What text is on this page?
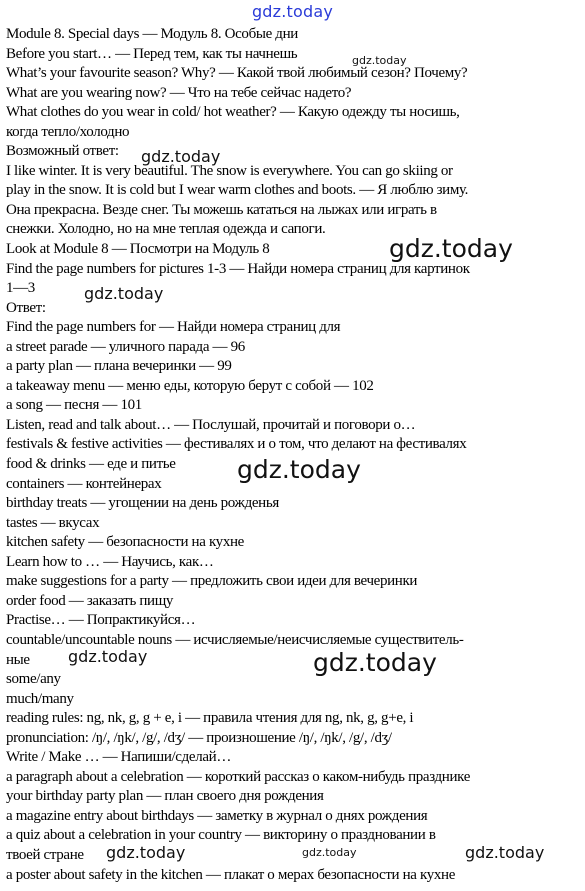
gdz.today
Module 8. Special days — Модуль 8. Особые дни
Before you start… — Перед тем, как ты начнешь
What’s your favourite season? Why? — Какой твой любимый сезон? Почему?
What are you wearing now? — Что на тебе сейчас надето?
What clothes do you wear in cold/ hot weather? — Какую одежду ты носишь,
когда тепло/холодно
Возможный ответ:
I like winter. It is very beautiful. The snow is everywhere. You can go skiing or
play in the snow. It is cold but I wear warm clothes and boots. — Я люблю зиму.
Она прекрасна. Везде снег. Ты можешь кататься на лыжах или играть в
снежки. Холодно, но на мне теплая одежда и сапоги.
Look at Module 8 — Посмотри на Модуль 8
Find the page numbers for pictures 1-3 — Найди номера страниц для картинок
1—3
Ответ:
Find the page numbers for — Найди номера страниц для
a street parade — уличного парада — 96
a party plan — плана вечеринки — 99
a takeaway menu — меню еды, которую берут с собой — 102
a song — песня — 101
Listen, read and talk about… — Послушай, прочитай и поговори о…
festivals & festive activities — фестивалях и о том, что делают на фестивалях
food & drinks — еде и питье
containers — контейнерах
birthday treats — угощении на день рожденья
tastes — вкусах
kitchen safety — безопасности на кухне
Learn how to … — Научись, как…
make suggestions for a party — предложить свои идеи для вечеринки
order food — заказать пищу
Practise… — Попрактикуйся…
countable/uncountable nouns — исчисляемые/неисчисляемые существитель-
ные
some/any
much/many
reading rules: ng, nk, g, g + e, i — правила чтения для ng, nk, g, g+e, i
pronunciation: /ŋ/, /ŋk/, /g/, /dʒ/ — произношение /ŋ/, /ŋk/, /g/, /dʒ/
Write / Make … — Напиши/сделай…
a paragraph about a celebration — короткий рассказ о каком-нибудь празднике
your birthday party plan — план своего дня рождения
a magazine entry about birthdays — заметку в журнал о днях рождения
a quiz about a celebration in your country — викторину о праздновании в
твоей стране
a poster about safety in the kitchen — плакат о мерах безопасности на кухне
gdz.today
gdz.today
gdz.today
gdz.today
gdz.today
gdz.today	gdz.today
gdz.today	gdz.today	gdz.today
